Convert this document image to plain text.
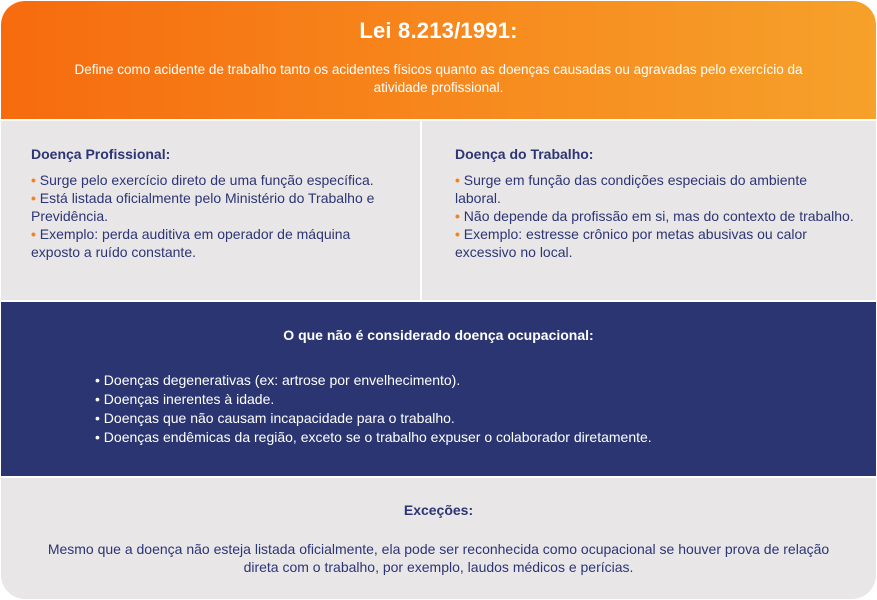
Lei 8.213/1991:

Define como acidente de trabalho tanto os acidentes físicos quanto as doenças causadas ou agravadas pelo exercício da atividade profissional.

Doença Profissional:
• Surge pelo exercício direto de uma função específica.
• Está listada oficialmente pelo Ministério do Trabalho e Previdência.
• Exemplo: perda auditiva em operador de máquina exposto a ruído constante.
Doença do Trabalho:
• Surge em função das condições especiais do ambiente laboral.
• Não depende da profissão em si, mas do contexto de trabalho.
• Exemplo: estresse crônico por metas abusivas ou calor excessivo no local.
O que não é considerado doença ocupacional:
• Doenças degenerativas (ex: artrose por envelhecimento).
• Doenças inerentes à idade.
• Doenças que não causam incapacidade para o trabalho.
• Doenças endêmicas da região, exceto se o trabalho expuser o colaborador diretamente.
Exceções:

Mesmo que a doença não esteja listada oficialmente, ela pode ser reconhecida como ocupacional se houver prova de relação direta com o trabalho, por exemplo, laudos médicos e perícias.
